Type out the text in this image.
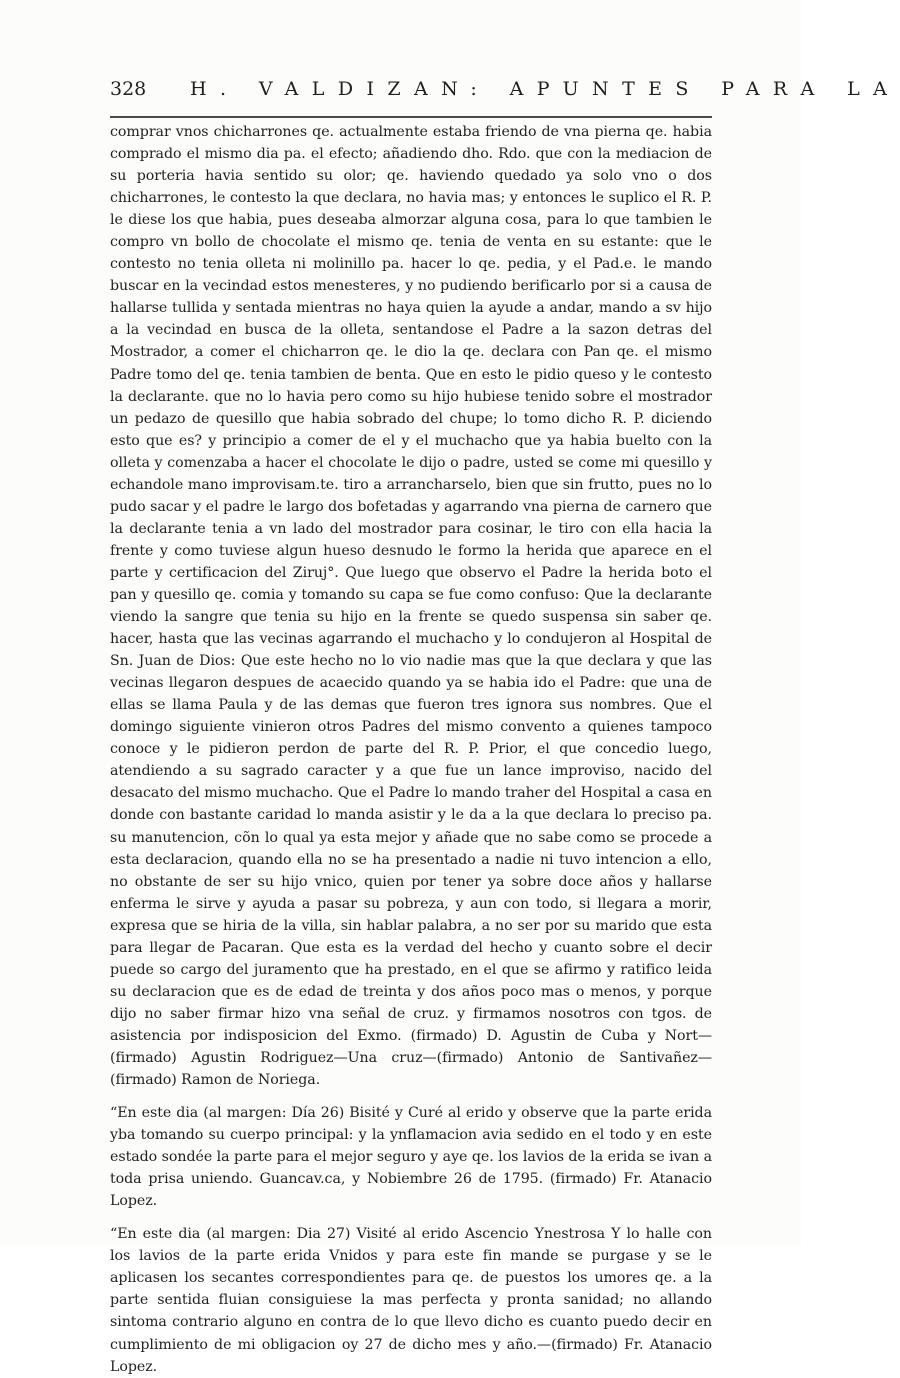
328 H. VALDIZAN: APUNTES PARA LA

comprar vnos chicharrones qe. actualmente estaba friendo de vna pierna qe. habia comprado el mismo dia pa. el efecto; añadiendo dho. Rdo. que con la mediacion de su porteria havia sentido su olor; qe. haviendo quedado ya solo vno o dos chicharrones, le contesto la que declara, no havia mas; y entonces le suplico el R. P. le diese los que habia, pues deseaba almorzar alguna cosa, para lo que tambien le compro vn bollo de chocolate el mismo qe. tenia de venta en su estante: que le contesto no tenia olleta ni molinillo pa. hacer lo qe. pedia, y el Pad.e. le mando buscar en la vecindad estos menesteres, y no pudiendo berificarlo por si a causa de hallarse tullida y sentada mientras no haya quien la ayude a andar, mando a sv hijo a la vecindad en busca de la olleta, sentandose el Padre a la sazon detras del Mostrador, a comer el chicharron qe. le dio la qe. declara con Pan qe. el mismo Padre tomo del qe. tenia tambien de benta. Que en esto le pidio queso y le contesto la declarante. que no lo havia pero como su hijo hubiese tenido sobre el mostrador un pedazo de quesillo que habia sobrado del chupe; lo tomo dicho R. P. diciendo esto que es? y principio a comer de el y el muchacho que ya habia buelto con la olleta y comenzaba a hacer el chocolate le dijo o padre, usted se come mi quesillo y echandole mano improvisam.te. tiro a arrancharselo, bien que sin frutto, pues no lo pudo sacar y el padre le largo dos bofetadas y agarrando vna pierna de carnero que la declarante tenia a vn lado del mostrador para cosinar, le tiro con ella hacia la frente y como tuviese algun hueso desnudo le formo la herida que aparece en el parte y certificacion del Ziruj°. Que luego que observo el Padre la herida boto el pan y quesillo qe. comia y tomando su capa se fue como confuso: Que la declarante viendo la sangre que tenia su hijo en la frente se quedo suspensa sin saber qe. hacer, hasta que las vecinas agarrando el muchacho y lo condujeron al Hospital de Sn. Juan de Dios: Que este hecho no lo vio nadie mas que la que declara y que las vecinas llegaron despues de acaecido quando ya se habia ido el Padre: que una de ellas se llama Paula y de las demas que fueron tres ignora sus nombres. Que el domingo siguiente vinieron otros Padres del mismo convento a quienes tampoco conoce y le pidieron perdon de parte del R. P. Prior, el que concedio luego, atendiendo a su sagrado caracter y a que fue un lance improviso, nacido del desacato del mismo muchacho. Que el Padre lo mando traher del Hospital a casa en donde con bastante caridad lo manda asistir y le da a la que declara lo preciso pa. su manutencion, cõn lo qual ya esta mejor y añade que no sabe como se procede a esta declaracion, quando ella no se ha presentado a nadie ni tuvo intencion a ello, no obstante de ser su hijo vnico, quien por tener ya sobre doce años y hallarse enferma le sirve y ayuda a pasar su pobreza, y aun con todo, si llegara a morir, expresa que se hiria de la villa, sin hablar palabra, a no ser por su marido que esta para llegar de Pacaran. Que esta es la verdad del hecho y cuanto sobre el decir puede so cargo del juramento que ha prestado, en el que se afirmo y ratifico leida su declaracion que es de edad de treinta y dos años poco mas o menos, y porque dijo no saber firmar hizo vna señal de cruz. y firmamos nosotros con tgos. de asistencia por indisposicion del Exmo. (firmado) D. Agustin de Cuba y Nort—(firmado) Agustin Rodriguez—Una cruz—(firmado) Antonio de Santivañez—(firmado) Ramon de Noriega.

“En este dia (al margen: Día 26) Bisité y Curé al erido y observe que la parte erida yba tomando su cuerpo principal: y la ynflamacion avia sedido en el todo y en este estado sondée la parte para el mejor seguro y aye qe. los lavios de la erida se ivan a toda prisa uniendo. Guancav.ca, y Nobiembre 26 de 1795. (firmado) Fr. Atanacio Lopez.

“En este dia (al margen: Dia 27) Visité al erido Ascencio Ynestrosa Y lo halle con los lavios de la parte erida Vnidos y para este fin mande se purgase y se le aplicasen los secantes correspondientes para qe. de puestos los umores qe. a la parte sentida fluian consiguiese la mas perfecta y pronta sanidad; no allando sintoma contrario alguno en contra de lo que llevo dicho es cuanto puedo decir en cumplimiento de mi obligacion oy 27 de dicho mes y año.—(firmado) Fr. Atanacio Lopez.
